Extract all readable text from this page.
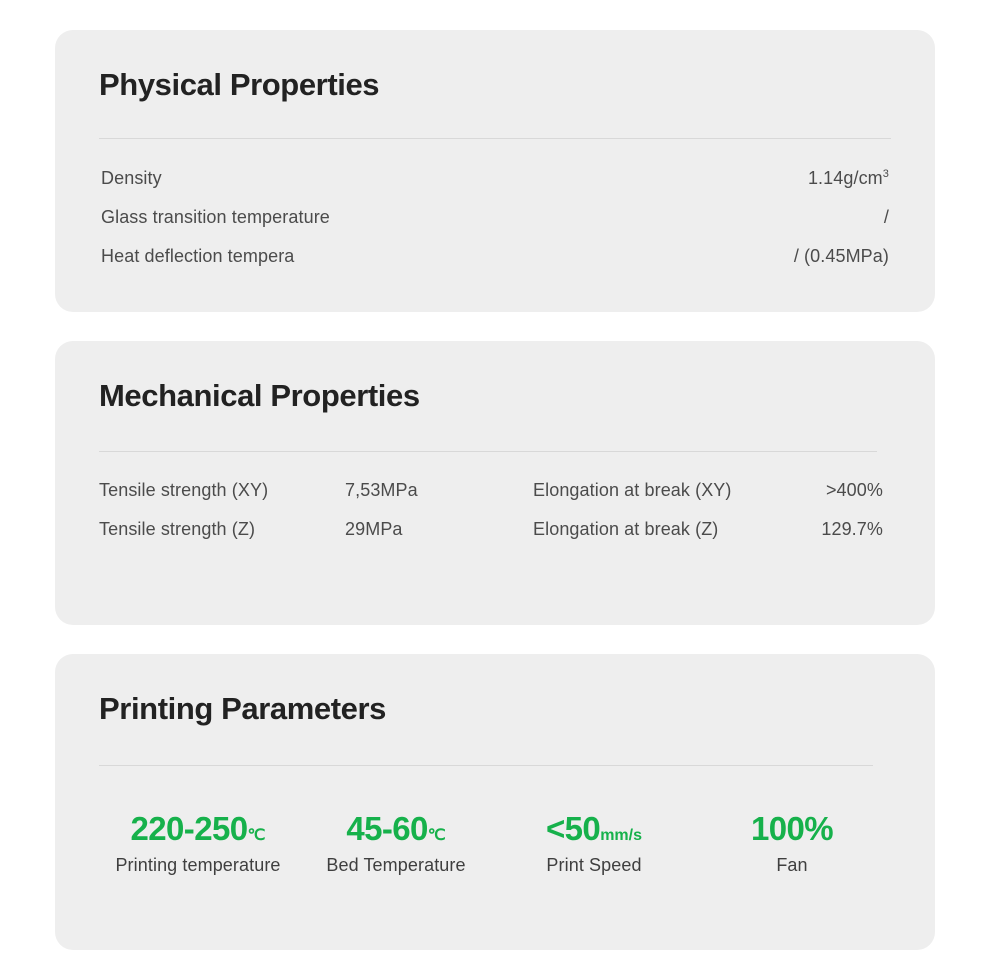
Physical Properties
Density	$1.14g/cm^3$
Glass transition temperature	/
Heat deflection tempera	/ (0.45MPa)
Mechanical Properties
Tensile strength (XY)	7,53MPa	Elongation at break (XY)	>400%
Tensile strength (Z)	29MPa	Elongation at break (Z)	129.7%
Printing Parameters
220-250℃
Printing temperature
45-60℃
Bed Temperature
<50mm/s
Print Speed
100%
Fan
